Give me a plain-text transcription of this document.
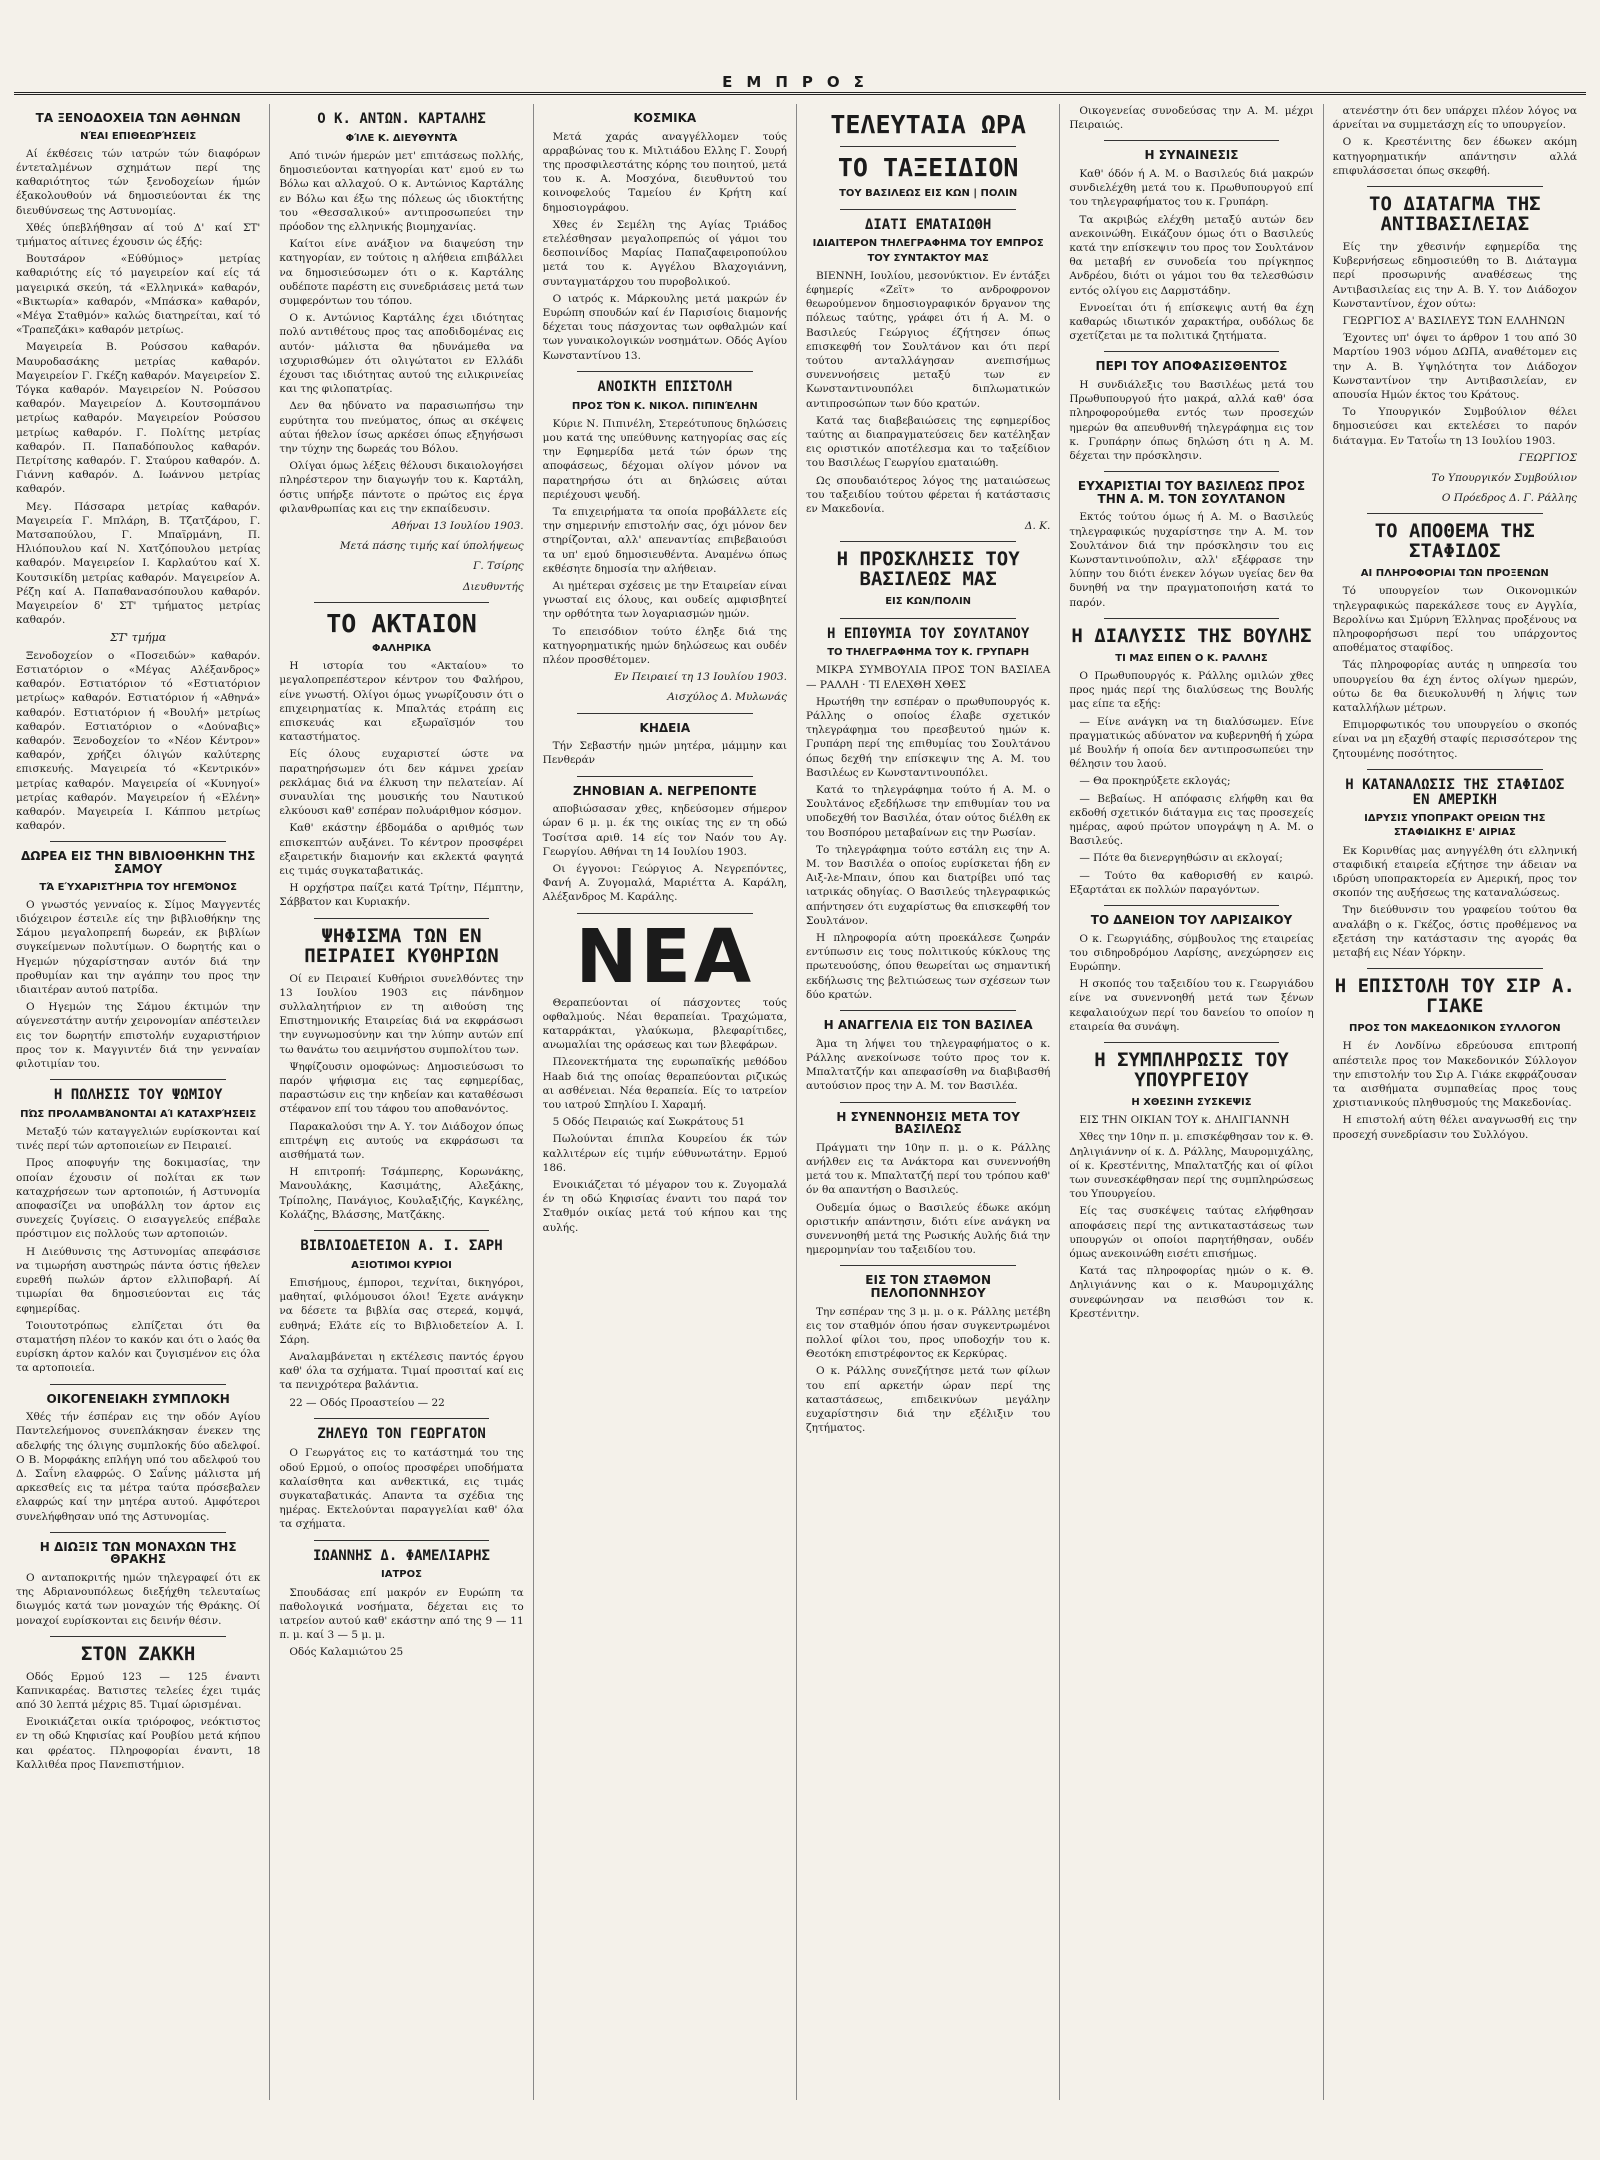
ΕΜΠΡΟΣ
ΤΑ ΞΕΝΟΔΟΧΕΙΑ ΤΩΝ ΑΘΗΝΩΝ
ΝΈΑΙ ΕΠΙΘΕΩΡΉΣΕΙΣ

Αί έκθέσεις τών ιατρών τών διαφόρων έντεταλμένων σχημάτων περί της καθαριότητος τών ξενοδοχείων ήμών έξακολουθούν νά δημοσιεύονται έκ της διευθύνσεως της Αστυνομίας.

Χθές ύπεβλήθησαν αί τού Δ' καί ΣΤ' τμήματος αίτινες έχουσιν ώς έξής:

Βουτσάρον «Εύθύμιος» μετρίας καθαριότης είς τό μαγειρείον καί είς τά μαγειρικά σκεύη, τά «Ελληνικά» καθαρόν, «Βικτωρία» καθαρόν, «Μπάσκα» καθαρόν, «Μέγα Σταθμόν» καλώς διατηρείται, καί τό «Τραπεζάκι» καθαρόν μετρίως.

Μαγειρεία Β. Ρούσσου καθαρόν. Μαυροδασάκης μετρίας καθαρόν. Μαγειρείον Γ. Γκέζη καθαρόν. Μαγειρείον Σ. Τόγκα καθαρόν. Μαγειρείον Ν. Ρούσσου καθαρόν. Μαγειρείον Δ. Κουτσομπάνου μετρίως καθαρόν. Μαγειρείον Ρούσσου μετρίως καθαρόν. Γ. Πολίτης μετρίας καθαρόν. Π. Παπαδόπουλος καθαρόν. Πετρίτσης καθαρόν. Γ. Σταύρου καθαρόν. Δ. Γιάννη καθαρόν. Δ. Ιωάννου μετρίας καθαρόν.

Μεγ. Πάσσαρα μετρίας καθαρόν. Μαγειρεία Γ. Μπλάρη, Β. Τζατζάρου, Γ. Ματσαπούλου, Γ. Μπαϊρμάνη, Π. Ηλιόπουλου καί Ν. Χατζόπουλου μετρίας καθαρόν. Μαγειρείον Ι. Καρλαύτου καί Χ. Κουτσικίδη μετρίας καθαρόν. Μαγειρείον Α. Ρέζη καί Α. Παπαθανασόπουλου καθαρόν. Μαγειρείον δ' ΣΤ' τμήματος μετρίας καθαρόν.

ΣΤ' τμήμα

Ξενοδοχείον ο «Ποσειδών» καθαρόν. Εστιατόριον ο «Μέγας Αλέξανδρος» καθαρόν. Εστιατόριον τό «Εστιατόριον μετρίως» καθαρόν. Εστιατόριον ή «Αθηνά» καθαρόν. Εστιατόριον ή «Βουλή» μετρίως καθαρόν. Εστιατόριον ο «Δούναβις» καθαρόν. Ξενοδοχείον το «Νέον Κέντρον» καθαρόν, χρήζει όλιγών καλύτερης επισκευής. Μαγειρεία τό «Κεντρικόν» μετρίας καθαρόν. Μαγειρεία οί «Κυνηγοί» μετρίας καθαρόν. Μαγειρείον ή «Ελένη» καθαρόν. Μαγειρεία Ι. Κάππου μετρίως καθαρόν.

ΔΩΡΕΑ ΕΙΣ ΤΗΝ ΒΙΒΛΙΟΘΗΚΗΝ ΤΗΣ ΣΑΜΟΥ
ΤΆ ΕΎΧΑΡΙΣΤΉΡΙΑ ΤΟΥ ΗΓΕΜΌΝΟΣ

Ο γνωστός γενναίος κ. Σίμος Μαγγεντές ιδιόχειρον έστειλε είς την βιβλιοθήκην της Σάμου μεγαλοπρεπή δωρεάν, εκ βιβλίων συγκείμενων πολυτίμων. Ο δωρητής και ο Ηγεμών ηύχαρίστησαν αυτόν διά την προθυμίαν και την αγάπην του προς την ιδιαιτέραν αυτού πατρίδα.

Ο Ηγεμών της Σάμου έκτιμών την αύγενεστάτην αυτήν χειρονομίαν απέστειλεν εις τον δωρητήν επιστολήν ευχαριστήριον προς τον κ. Μαγγιντέν διά την γενναίαν φιλοτιμίαν του.

Η ΠΩΛΗΣΙΣ ΤΟΥ ΨΩΜΙΟΥ
ΠΏΣ ΠΡΟΛΑΜΒΆΝΟΝΤΑΙ ΑΊ ΚΑΤΑΧΡΉΣΕΙΣ

Μεταξύ τών καταγγελιών ευρίσκονται καί τινές περί τών αρτοποιείων εν Πειραιεί.

Προς αποφυγήν της δοκιμασίας, την οποίαν έχουσιν οί πολίται εκ των καταχρήσεων των αρτοποιών, ή Αστυνομία αποφασίζει να υποβάλλη τον άρτον εις συνεχείς ζυγίσεις. Ο εισαγγελεύς επέβαλε πρόστιμον εις πολλούς των αρτοποιών.

Η Διεύθυνσις της Αστυνομίας απεφάσισε να τιμωρήση αυστηρώς πάντα όστις ήθελεν ευρεθή πωλών άρτον ελλιποβαρή. Αί τιμωρίαι θα δημοσιεύονται εις τάς εφημερίδας.

Τοιουτοτρόπως ελπίζεται ότι θα σταματήση πλέον το κακόν και ότι ο λαός θα ευρίσκη άρτον καλόν και ζυγισμένον εις όλα τα αρτοποιεία.

ΟΙΚΟΓΕΝΕΙΑΚΗ ΣΥΜΠΛΟΚΗ

Χθές τήν έσπέραν εις την οδόν Αγίου Παντελεήμονος συνεπλάκησαν ένεκεν της αδελφής της όλιγης συμπλοκής δύο αδελφοί. Ο Β. Μορφάκης επλήγη υπό του αδελφού του Δ. Σαΐνη ελαφρώς. Ο Σαΐνης μάλιστα μή αρκεσθείς εις τα μέτρα ταύτα πρόσεβαλεν ελαφρώς καί την μητέρα αυτού. Αμφότεροι συνελήφθησαν υπό της Αστυνομίας.

Η ΔΙΩΞΙΣ ΤΩΝ ΜΟΝΑΧΩΝ ΤΗΣ ΘΡΑΚΗΣ

Ο ανταποκριτής ημών τηλεγραφεί ότι εκ της Αδριανουπόλεως διεξήχθη τελευταίως διωγμός κατά των μοναχών τής Θράκης. Οί μοναχοί ευρίσκονται εις δεινήν θέσιν.

ΣΤΟΝ ΖΑΚΚΗ

Οδός Ερμού 123 — 125 έναντι Καπνικαρέας. Βατιστες τελείες έχει τιμάς από 30 λεπτά μέχρις 85. Τιμαί ώρισμέναι.

Ενοικιάζεται οικία τριόροφος, νεόκτιστος εν τη οδώ Κηφισίας καί Ρουβίου μετά κήπου και φρέατος. Πληροφορίαι έναντι, 18 Καλλιθέα προς Πανεπιστήμιον.

Ο Κ. ΑΝΤΩΝ. ΚΑΡΤΑΛΗΣ
ΦΊΛΕ Κ. ΔΙΕΥΘΥΝΤΆ

Από τινών ήμερών μετ' επιτάσεως πολλής, δημοσιεύονται κατηγορίαι κατ' εμού εν τω Βόλω και αλλαχού. Ο κ. Αντώνιος Καρτάλης εν Βόλω και έξω της πόλεως ώς ιδιοκτήτης του «Θεσσαλικού» αντιπροσωπεύει την πρόοδον της ελληνικής βιομηχανίας.

Καίτοι είνε ανάξιον να διαψεύση την κατηγορίαν, εν τούτοις η αλήθεια επιβάλλει να δημοσιεύσωμεν ότι ο κ. Καρτάλης ουδέποτε παρέστη εις συνεδριάσεις μετά των συμφερόντων του τόπου.

Ο κ. Αντώνιος Καρτάλης έχει ιδιότητας πολύ αντιθέτους προς τας αποδιδομένας εις αυτόν· μάλιστα θα ηδυνάμεθα να ισχυρισθώμεν ότι ολιγώτατοι εν Ελλάδι έχουσι τας ιδιότητας αυτού της ειλικρινείας και της φιλοπατρίας.

Δεν θα ηδύνατο να παρασιωπήσω την ευρύτητα του πνεύματος, όπως αι σκέψεις αύται ήθελον ίσως αρκέσει όπως εξηγήσωσι την τύχην της δωρεάς του Βόλου.

Ολίγαι όμως λέξεις θέλουσι δικαιολογήσει πληρέστερον την διαγωγήν του κ. Καρτάλη, όστις υπήρξε πάντοτε ο πρώτος εις έργα φιλανθρωπίας και εις την εκπαίδευσιν.

Αθήναι 13 Ιουλίου 1903.
Μετά πάσης τιμής καί ύπολήψεως
Γ. Τσίρης
Διευθυντής
ΤΟ ΑΚΤΑΙΟΝ
ΦΑΛΗΡΙΚΑ

Η ιστορία του «Ακταίου» το μεγαλοπρεπέστερον κέντρον του Φαλήρου, είνε γνωστή. Ολίγοι όμως γνωρίζουσιν ότι ο επιχειρηματίας κ. Μπαλτάς ετράπη εις επισκευάς και εξωραϊσμόν του καταστήματος.

Είς όλους ευχαριστεί ώστε να παρατηρήσωμεν ότι δεν κάμνει χρείαν ρεκλάμας διά να έλκυση την πελατείαν. Αί συναυλίαι της μουσικής του Ναυτικού ελκύουσι καθ' εσπέραν πολυάριθμον κόσμον.

Καθ' εκάστην έβδομάδα ο αριθμός των επισκεπτών αυξάνει. Το κέντρον προσφέρει εξαιρετικήν διαμονήν και εκλεκτά φαγητά εις τιμάς συγκαταβατικάς.

Η ορχήστρα παίζει κατά Τρίτην, Πέμπτην, Σάββατον και Κυριακήν.

ΨΗΦΙΣΜΑ ΤΩΝ ΕΝ ΠΕΙΡΑΙΕΙ ΚΥΘΗΡΙΩΝ

Οί εν Πειραιεί Κυθήριοι συνελθόντες την 13 Ιουλίου 1903 εις πάνδημον συλλαλητήριον εν τη αιθούση της Επιστημονικής Εταιρείας διά να εκφράσωσι την ευγνωμοσύνην και την λύπην αυτών επί τω θανάτω του αειμνήστου συμπολίτου των.

Ψηφίζουσιν ομοφώνως: Δημοσιεύσωσι το παρόν ψήφισμα εις τας εφημερίδας, παραστώσιν εις την κηδείαν και καταθέσωσι στέφανον επί του τάφου του αποθανόντος.

Παρακαλούσι την Α. Υ. τον Διάδοχον όπως επιτρέψη εις αυτούς να εκφράσωσι τα αισθήματά των.

Η επιτροπή: Τσάμπερης, Κορωνάκης, Μανουλάκης, Κασιμάτης, Αλεξάκης, Τρίπολης, Πανάγιος, Κουλαξιζής, Καγκέλης, Κολάζης, Βλάσσης, Ματζάκης.

ΒΙΒΛΙΟΔΕΤΕΙΟΝ Α. Ι. ΣΑΡΗ
ΑΞΙΟΤΙΜΟΙ ΚΥΡΙΟΙ

Επισήμους, έμποροι, τεχνίται, δικηγόροι, μαθηταί, φιλόμουσοι όλοι! Έχετε ανάγκην να δέσετε τα βιβλία σας στερεά, κομψά, ευθηνά; Ελάτε είς το Βιβλιοδετείον Α. Ι. Σάρη.

Αναλαμβάνεται η εκτέλεσις παντός έργου καθ' όλα τα σχήματα. Τιμαί προσιταί καί εις τα πενιχρότερα βαλάντια.

22 — Οδός Προαστείου — 22

ΖΗΛΕΥΩ ΤΟΝ ΓΕΩΡΓΑΤΟΝ

Ο Γεωργάτος εις το κατάστημά του της οδού Ερμού, ο οποίος προσφέρει υποδήματα καλαίσθητα και ανθεκτικά, εις τιμάς συγκαταβατικάς. Απαντα τα σχέδια της ημέρας. Εκτελούνται παραγγελίαι καθ' όλα τα σχήματα.

ΙΩΑΝΝΗΣ Δ. ΦΑΜΕΛΙΑΡΗΣ
ΙΑΤΡΟΣ

Σπουδάσας επί μακρόν εν Ευρώπη τα παθολογικά νοσήματα, δέχεται εις το ιατρείον αυτού καθ' εκάστην από της 9 — 11 π. μ. καί 3 — 5 μ. μ.

Οδός Καλαμιώτου 25

ΚΟΣΜΙΚΑ

Μετά χαράς αναγγέλλομεν τούς αρραβώνας του κ. Μιλτιάδου Ελλης Γ. Σουρή της προσφιλεστάτης κόρης του ποιητού, μετά του κ. Α. Μοσχόνα, διευθυντού του κοινοφελούς Ταμείου έν Κρήτη καί δημοσιογράφου.

Χθες έν Σεμέλη της Αγίας Τριάδος ετελέσθησαν μεγαλοπρεπώς οί γάμοι του δεσποινίδος Μαρίας Παπαζαφειροπούλου μετά του κ. Αγγέλου Βλαχογιάννη, συνταγματάρχου του πυροβολικού.

Ο ιατρός κ. Μάρκουλης μετά μακρών έν Ευρώπη σπουδών καί έν Παρισίοις διαμονής δέχεται τους πάσχοντας των οφθαλμών καί των γυναικολογικών νοσημάτων. Οδός Αγίου Κωνσταντίνου 13.

ΑΝΟΙΚΤΗ ΕΠΙΣΤΟΛΗ
ΠΡΟΣ ΤΌΝ Κ. ΝΙΚΟΛ. ΠΙΠΙΝΈΛΗΝ

Κύριε Ν. Πιπινέλη, Στερεότυπους δηλώσεις μου κατά της υπεύθυνης κατηγορίας σας είς την Εφημερίδα μετά τών όρων της αποφάσεως, δέχομαι ολίγον μόνον να παρατηρήσω ότι αι δηλώσεις αύται περιέχουσι ψευδή.

Τα επιχειρήματα τα οποία προβάλλετε είς την σημερινήν επιστολήν σας, όχι μόνον δεν στηρίζονται, αλλ' απεναντίας επιβεβαιούσι τα υπ' εμού δημοσιευθέντα. Αναμένω όπως εκθέσητε δημοσία την αλήθειαν.

Αι ημέτεραι σχέσεις με την Εταιρείαν είναι γνωσταί εις όλους, και ουδείς αμφισβητεί την ορθότητα των λογαριασμών ημών.

Το επεισόδιον τούτο έληξε διά της κατηγορηματικής ημών δηλώσεως και ουδέν πλέον προσθέτομεν.

Εν Πειραιεί τη 13 Ιουλίου 1903.
Αισχύλος Δ. Μυλωνάς
ΚΗΔΕΙΑ

Τήν Σεβαστήν ημών μητέρα, μάμμην και Πενθεράν

ΖΗΝΟΒΙΑΝ Α. ΝΕΓΡΕΠΟΝΤΕ

αποβιώσασαν χθες, κηδεύσομεν σήμερον ώραν 6 μ. μ. έκ της οικίας της εν τη οδώ Τοσίτσα αριθ. 14 είς τον Ναόν του Αγ. Γεωργίου. Αθήναι τη 14 Ιουλίου 1903.

Οι έγγονοι: Γεώργιος Α. Νεγρεπόντες, Φανή Α. Ζυγομαλά, Μαριέττα Α. Καράλη, Αλέξανδρος Μ. Καράλης.

ΝΕΑ

Θεραπεύονται οί πάσχοντες τούς οφθαλμούς. Νέαι θεραπείαι. Τραχώματα, καταρράκται, γλαύκωμα, βλεφαρίτιδες, ανωμαλίαι της οράσεως και των βλεφάρων.

Πλεονεκτήματα της ευρωπαϊκής μεθόδου Haab διά της οποίας θεραπεύονται ριζικώς αι ασθένειαι. Νέα θεραπεία. Είς το ιατρείον του ιατρού Σπηλίου Ι. Χαραμή.

5 Οδός Πειραιώς καί Σωκράτους 51

Πωλούνται έπιπλα Κουρείου έκ τών καλλιτέρων είς τιμήν εύθυνωτάτην. Ερμού 186.

Ενοικιάζεται τό μέγαρον του κ. Ζυγομαλά έν τη οδώ Κηφισίας έναντι του παρά τον Σταθμόν οικίας μετά τού κήπου και της αυλής.

ΤΕΛΕΥΤΑΙΑ ΩΡΑ
ΤΟ ΤΑΞΕΙΔΙΟΝ
ΤΟΥ ΒΑΣΙΛΕΩΣ ΕΙΣ ΚΩΝ | ΠΟΛΙΝ
ΔΙΑΤΙ ΕΜΑΤΑΙΩΘΗ
ΙΔΙΑΙΤΕΡΟΝ ΤΗΛΕΓΡΑΦΗΜΑ ΤΟΥ ΕΜΠΡΟΣ ΤΟΥ ΣΥΝΤΑΚΤΟΥ ΜΑΣ

ΒΙΕΝΝΗ, Ιουλίου, μεσονύκτιον. Εν έντάξει έφημερίς «Ζεϊτ» το ανδροφρονον θεωρούμενον δημοσιογραφικόν δργανον της πόλεως ταύτης, γράφει ότι ή Α. Μ. ο Βασιλεύς Γεώργιος έζήτησεν όπως επισκεφθή τον Σουλτάνον και ότι περί τούτου ανταλλάγησαν ανεπισήμως συνεννοήσεις μεταξύ των εν Κωνσταντινουπόλει διπλωματικών αντιπροσώπων των δύο κρατών.

Κατά τας διαβεβαιώσεις της εφημερίδος ταύτης αι διαπραγματεύσεις δεν κατέληξαν εις οριστικόν αποτέλεσμα και το ταξείδιον του Βασιλέως Γεωργίου εματαιώθη.

Ως σπουδαιότερος λόγος της ματαιώσεως του ταξειδίου τούτου φέρεται ή κατάστασις εν Μακεδονία.

Δ. Κ.
Η ΠΡΟΣΚΛΗΣΙΣ ΤΟΥ ΒΑΣΙΛΕΩΣ ΜΑΣ
ΕΙΣ ΚΩΝ/ΠΟΛΙΝ
Η ΕΠΙΘΥΜΙΑ ΤΟΥ ΣΟΥΛΤΑΝΟΥ
ΤΟ ΤΗΛΕΓΡΑΦΗΜΑ ΤΟΥ Κ. ΓΡΥΠΑΡΗ

ΜΙΚΡΑ ΣΥΜΒΟΥΛΙΑ ΠΡΟΣ ΤΟΝ ΒΑΣΙΛΕΑ — ΡΑΛΛΗ · ΤΙ ΕΛΕΧΘΗ ΧΘΕΣ

Ηρωτήθη την εσπέραν ο πρωθυπουργός κ. Ράλλης ο οποίος έλαβε σχετικόν τηλεγράφημα του πρεσβευτού ημών κ. Γρυπάρη περί της επιθυμίας του Σουλτάνου όπως δεχθή την επίσκεψιν της Α. Μ. του Βασιλέως εν Κωνσταντινουπόλει.

Κατά το τηλεγράφημα τούτο ή Α. Μ. ο Σουλτάνος εξεδήλωσε την επιθυμίαν του να υποδεχθή τον Βασιλέα, όταν ούτος διέλθη εκ του Βοσπόρου μεταβαίνων εις την Ρωσίαν.

Το τηλεγράφημα τούτο εστάλη εις την Α. Μ. τον Βασιλέα ο οποίος ευρίσκεται ήδη εν Αιξ-λε-Μπαιν, όπου και διατρίβει υπό τας ιατρικάς οδηγίας. Ο Βασιλεύς τηλεγραφικώς απήντησεν ότι ευχαρίστως θα επισκεφθή τον Σουλτάνον.

Η πληροφορία αύτη προεκάλεσε ζωηράν εντύπωσιν εις τους πολιτικούς κύκλους της πρωτευούσης, όπου θεωρείται ως σημαντική εκδήλωσις της βελτιώσεως των σχέσεων των δύο κρατών.

Η ΑΝΑΓΓΕΛΙΑ ΕΙΣ ΤΟΝ ΒΑΣΙΛΕΑ

Άμα τη λήψει του τηλεγραφήματος ο κ. Ράλλης ανεκοίνωσε τούτο προς τον κ. Μπαλτατζήν και απεφασίσθη να διαβιβασθή αυτούσιον προς την Α. Μ. τον Βασιλέα.

Η ΣΥΝΕΝΝΟΗΣΙΣ ΜΕΤΑ ΤΟΥ ΒΑΣΙΛΕΩΣ

Πράγματι την 10ην π. μ. ο κ. Ράλλης ανήλθεν εις τα Ανάκτορα και συνεννοήθη μετά του κ. Μπαλτατζή περί του τρόπου καθ' όν θα απαντήση ο Βασιλεύς.

Ουδεμία όμως ο Βασιλεύς έδωκε ακόμη οριστικήν απάντησιν, διότι είνε ανάγκη να συνεννοηθή μετά της Ρωσικής Αυλής διά την ημερομηνίαν του ταξειδίου του.

ΕΙΣ ΤΟΝ ΣΤΑΘΜΟΝ ΠΕΛΟΠΟΝΝΗΣΟΥ

Την εσπέραν της 3 μ. μ. ο κ. Ράλλης μετέβη εις τον σταθμόν όπου ήσαν συγκεντρωμένοι πολλοί φίλοι του, προς υποδοχήν του κ. Θεοτόκη επιστρέφοντος εκ Κερκύρας.

Ο κ. Ράλλης συνεζήτησε μετά των φίλων του επί αρκετήν ώραν περί της καταστάσεως, επιδεικνύων μεγάλην ευχαρίστησιν διά την εξέλιξιν του ζητήματος.

Οικογενείας συνοδεύσας την Α. Μ. μέχρι Πειραιώς.

Η ΣΥΝΑΙΝΕΣΙΣ

Καθ' όδόν ή Α. Μ. ο Βασιλεύς διά μακρών συνδιελέχθη μετά του κ. Πρωθυπουργού επί του τηλεγραφήματος του κ. Γρυπάρη.

Τα ακριβώς ελέχθη μεταξύ αυτών δεν ανεκοινώθη. Εικάζουν όμως ότι ο Βασιλεύς κατά την επίσκεψιν του προς τον Σουλτάνον θα μεταβή εν συνοδεία του πρίγκηπος Ανδρέου, διότι οι γάμοι του θα τελεσθώσιν εντός ολίγου εις Δαρμστάδην.

Εννοείται ότι ή επίσκεψις αυτή θα έχη καθαρώς ιδιωτικόν χαρακτήρα, ουδόλως δε σχετίζεται με τα πολιτικά ζητήματα.

ΠΕΡΙ ΤΟΥ ΑΠΟΦΑΣΙΣΘΕΝΤΟΣ

Η συνδιάλεξις του Βασιλέως μετά του Πρωθυπουργού ήτο μακρά, αλλά καθ' όσα πληροφορούμεθα εντός των προσεχών ημερών θα απευθυνθή τηλεγράφημα εις τον κ. Γρυπάρην όπως δηλώση ότι η Α. Μ. δέχεται την πρόσκλησιν.

ΕΥΧΑΡΙΣΤΙΑΙ ΤΟΥ ΒΑΣΙΛΕΩΣ ΠΡΟΣ ΤΗΝ Α. Μ. ΤΟΝ ΣΟΥΛΤΑΝΟΝ

Εκτός τούτου όμως ή Α. Μ. ο Βασιλεύς τηλεγραφικώς ηυχαρίστησε την Α. Μ. τον Σουλτάνον διά την πρόσκλησιν του εις Κωνσταντινούπολιν, αλλ' εξέφρασε την λύπην του διότι ένεκεν λόγων υγείας δεν θα δυνηθή να την πραγματοποιήση κατά το παρόν.

Η ΔΙΑΛΥΣΙΣ ΤΗΣ ΒΟΥΛΗΣ
ΤΙ ΜΑΣ ΕΙΠΕΝ Ο Κ. ΡΑΛΛΗΣ

Ο Πρωθυπουργός κ. Ράλλης ομιλών χθες προς ημάς περί της διαλύσεως της Βουλής μας είπε τα εξής:

— Είνε ανάγκη να τη διαλύσωμεν. Είνε πραγματικώς αδύνατον να κυβερνηθή ή χώρα μέ Βουλήν ή οποία δεν αντιπροσωπεύει την θέλησιν του λαού.

— Θα προκηρύξετε εκλογάς;

— Βεβαίως. Η απόφασις ελήφθη και θα εκδοθή σχετικόν διάταγμα εις τας προσεχείς ημέρας, αφού πρώτον υπογράψη η Α. Μ. ο Βασιλεύς.

— Πότε θα διενεργηθώσιν αι εκλογαί;

— Τούτο θα καθορισθή εν καιρώ. Εξαρτάται εκ πολλών παραγόντων.

ΤΟ ΔΑΝΕΙΟΝ ΤΟΥ ΛΑΡΙΣΑΙΚΟΥ

Ο κ. Γεωργιάδης, σύμβουλος της εταιρείας του σιδηροδρόμου Λαρίσης, ανεχώρησεν εις Ευρώπην.

Η σκοπός του ταξειδίου του κ. Γεωργιάδου είνε να συνεννοηθή μετά των ξένων κεφαλαιούχων περί του δανείου το οποίον η εταιρεία θα συνάψη.

Η ΣΥΜΠΛΗΡΩΣΙΣ ΤΟΥ ΥΠΟΥΡΓΕΙΟΥ
Η ΧΘΕΣΙΝΗ ΣΥΣΚΕΨΙΣ

ΕΙΣ ΤΗΝ ΟΙΚΙΑΝ ΤΟΥ κ. ΔΗΛΙΓΙΑΝΝΗ

Χθες την 10ην π. μ. επισκέφθησαν τον κ. Θ. Δηλιγιάννην οί κ. Δ. Ράλλης, Μαυρομιχάλης, οί κ. Κρεστένιτης, Μπαλτατζής και οί φίλοι των συνεσκέφθησαν περί της συμπληρώσεως του Υπουργείου.

Είς τας συσκέψεις ταύτας ελήφθησαν αποφάσεις περί της αντικαταστάσεως των υπουργών οι οποίοι παρητήθησαν, ουδέν όμως ανεκοινώθη εισέτι επισήμως.

Κατά τας πληροφορίας ημών ο κ. Θ. Δηλιγιάννης και ο κ. Μαυρομιχάλης συνεφώνησαν να πεισθώσι τον κ. Κρεστένιτην.

ατενέστην ότι δεν υπάρχει πλέον λόγος να άρνείται να συμμετάσχη είς το υπουργείον.

Ο κ. Κρεστένιτης δεν έδωκεν ακόμη κατηγορηματικήν απάντησιν αλλά επιφυλάσσεται όπως σκεφθή.

ΤΟ ΔΙΑΤΑΓΜΑ ΤΗΣ ΑΝΤΙΒΑΣΙΛΕΙΑΣ

Είς την χθεσινήν εφημερίδα της Κυβερνήσεως εδημοσιεύθη το Β. Διάταγμα περί προσωρινής αναθέσεως της Αντιβασιλείας εις την Α. Β. Υ. τον Διάδοχον Κωνσταντίνον, έχον ούτω:

ΓΕΩΡΓΙΟΣ Α' ΒΑΣΙΛΕΥΣ ΤΩΝ ΕΛΛΗΝΩΝ

Έχοντες υπ' όψει το άρθρον 1 του από 30 Μαρτίου 1903 νόμου ΔΩΠΑ, αναθέτομεν εις την Α. Β. Υψηλότητα τον Διάδοχον Κωνσταντίνον την Αντιβασιλείαν, εν απουσία Ημών έκτος του Κράτους.

Το Υπουργικόν Συμβούλιον θέλει δημοσιεύσει και εκτελέσει το παρόν διάταγμα. Εν Τατοΐω τη 13 Ιουλίου 1903.

ΓΕΩΡΓΙΟΣ
Το Υπουργικόν Συμβούλιον
Ο Πρόεδρος Δ. Γ. Ράλλης
ΤΟ ΑΠΟΘΕΜΑ ΤΗΣ ΣΤΑΦΙΔΟΣ
ΑΙ ΠΛΗΡΟΦΟΡΙΑΙ ΤΩΝ ΠΡΟΞΕΝΩΝ

Τό υπουργείον των Οικονομικών τηλεγραφικώς παρεκάλεσε τους εν Αγγλία, Βερολίνω και Σμύρνη Έλληνας προξένους να πληροφορήσωσι περί του υπάρχοντος αποθέματος σταφίδος.

Τάς πληροφορίας αυτάς η υπηρεσία του υπουργείου θα έχη έντος ολίγων ημερών, ούτω δε θα διευκολυνθή η λήψις των καταλλήλων μέτρων.

Επιμορφωτικός του υπουργείου ο σκοπός είναι να μη εξαχθή σταφίς περισσότερον της ζητουμένης ποσότητος.

Η ΚΑΤΑΝΑΛΩΣΙΣ ΤΗΣ ΣΤΑΦΙΔΟΣ ΕΝ ΑΜΕΡΙΚΗ
ΙΔΡΥΣΙΣ ΥΠΟΠΡΑΚΤ ΟΡΕΙΩΝ ΤΗΣ ΣΤΑΦΙΔΙΚΗΣ Ε' ΑΙΡΙΑΣ

Εκ Κορινθίας μας ανηγγέλθη ότι ελληνική σταφιδική εταιρεία εζήτησε την άδειαν να ιδρύση υποπρακτορεία εν Αμερική, προς τον σκοπόν της αυξήσεως της καταναλώσεως.

Την διεύθυνσιν του γραφείου τούτου θα αναλάβη ο κ. Γκέζος, όστις προθέμενος να εξετάση την κατάστασιν της αγοράς θα μεταβή εις Νέαν Υόρκην.

Η ΕΠΙΣΤΟΛΗ ΤΟΥ ΣΙΡ Α. ΓΙΑΚΕ
ΠΡΟΣ ΤΟΝ ΜΑΚΕΔΟΝΙΚΟΝ ΣΥΛΛΟΓΟΝ

Η έν Λονδίνω εδρεύουσα επιτροπή απέστειλε προς τον Μακεδονικόν Σύλλογον την επιστολήν του Σιρ Α. Γιάκε εκφράζουσαν τα αισθήματα συμπαθείας προς τους χριστιανικούς πληθυσμούς της Μακεδονίας.

Η επιστολή αύτη θέλει αναγνωσθή εις την προσεχή συνεδρίασιν του Συλλόγου.
